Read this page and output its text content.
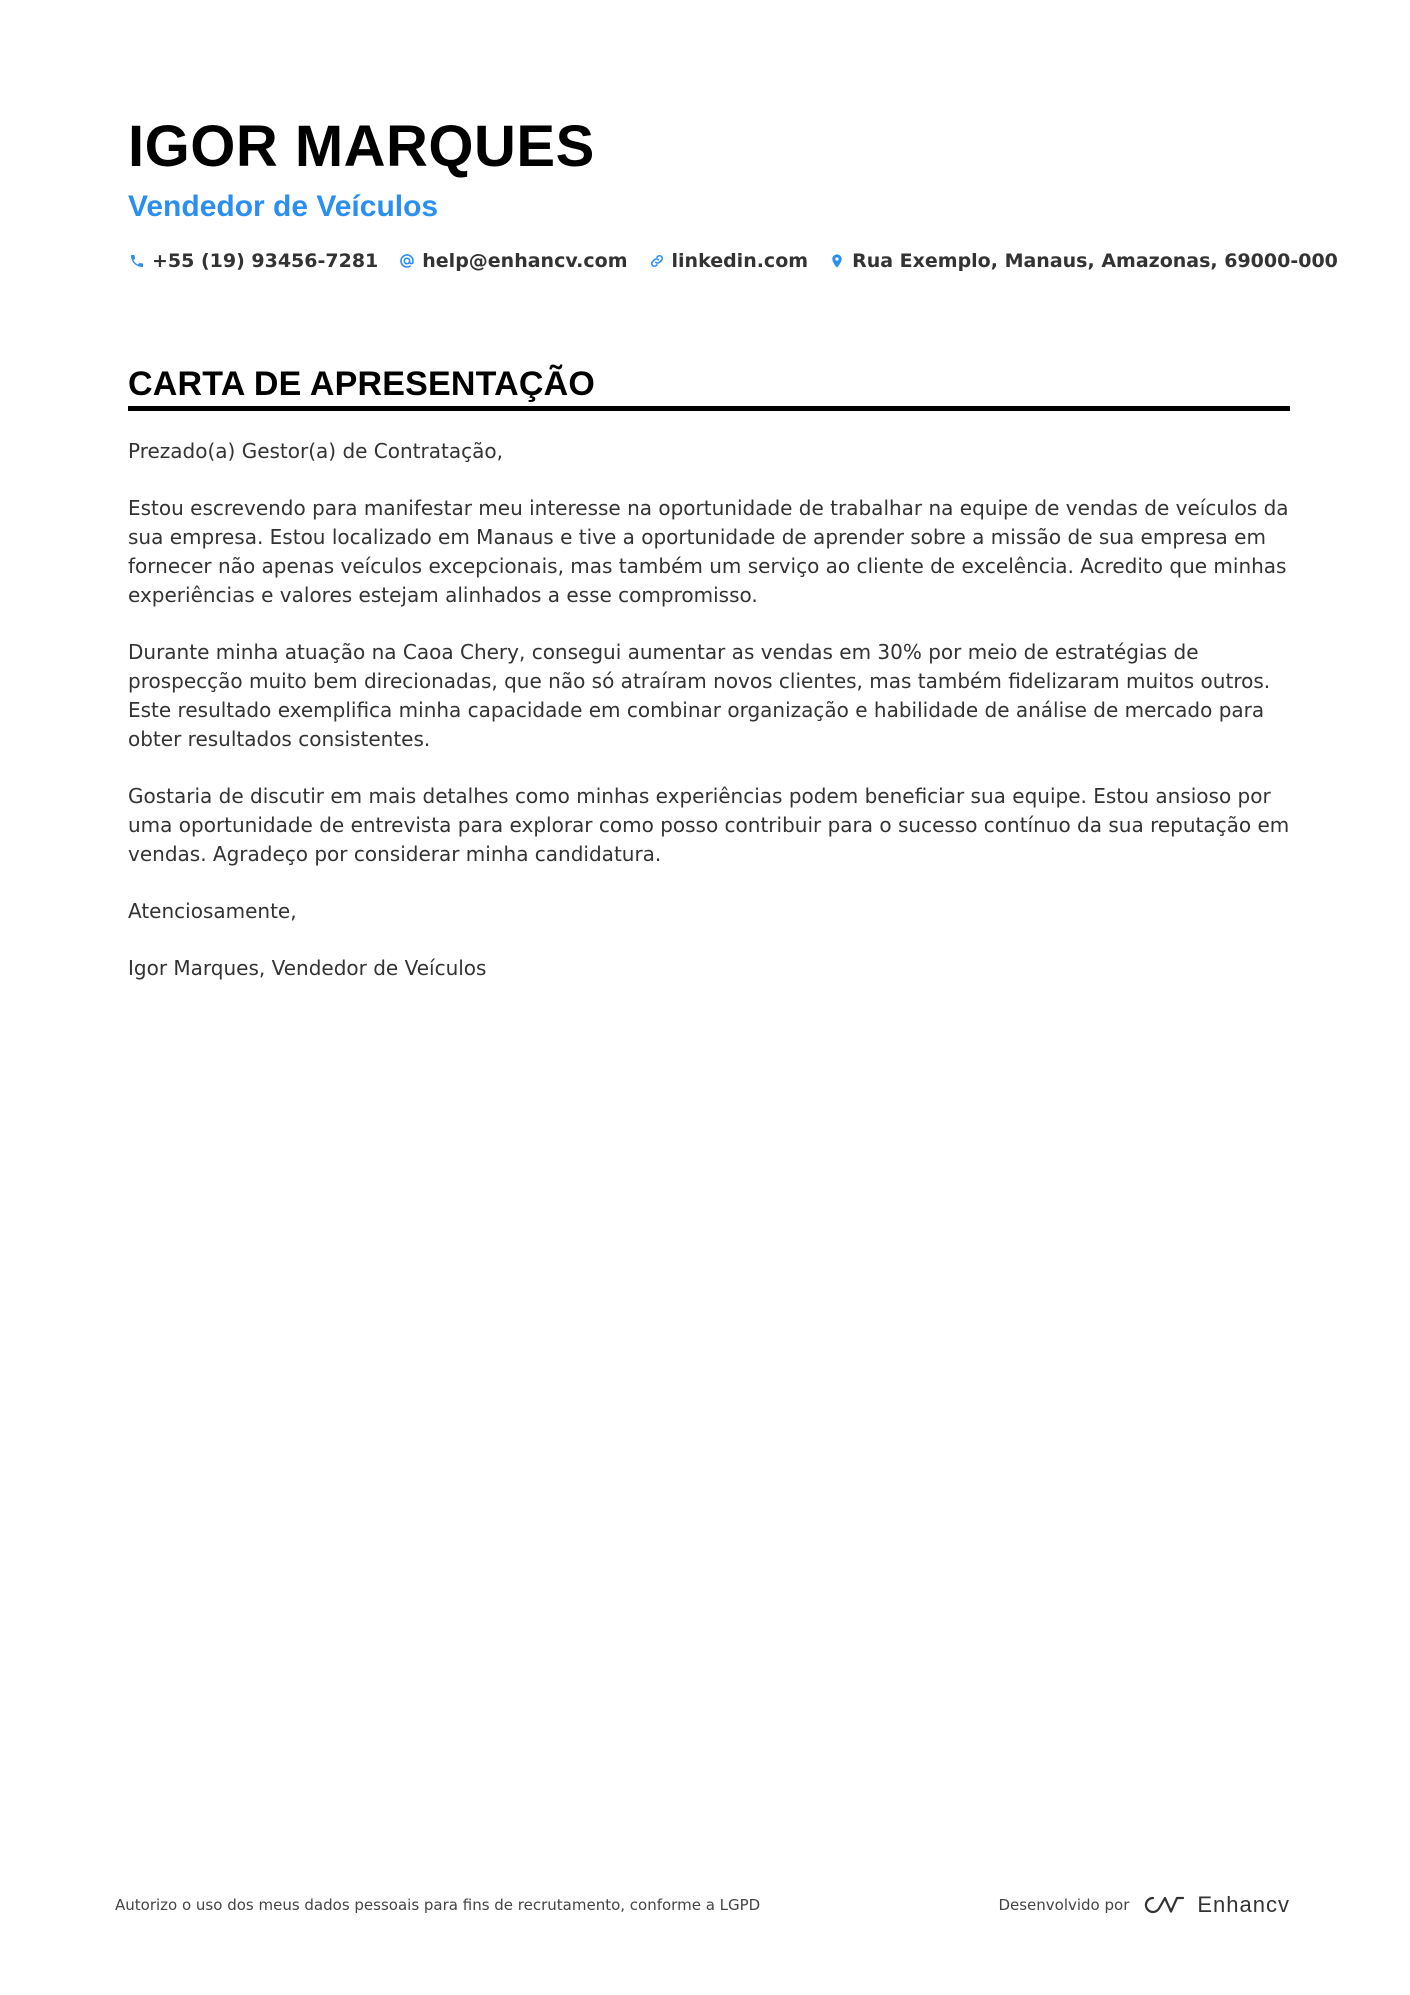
IGOR MARQUES
Vendedor de Veículos
+55 (19) 93456-7281 help@enhancv.com linkedin.com Rua Exemplo, Manaus, Amazonas, 69000-000
CARTA DE APRESENTAÇÃO

Prezado(a) Gestor(a) de Contratação,

Estou escrevendo para manifestar meu interesse na oportunidade de trabalhar na equipe de vendas de veículos da sua empresa. Estou localizado em Manaus e tive a oportunidade de aprender sobre a missão de sua empresa em fornecer não apenas veículos excepcionais, mas também um serviço ao cliente de excelência. Acredito que minhas experiências e valores estejam alinhados a esse compromisso.

Durante minha atuação na Caoa Chery, consegui aumentar as vendas em 30% por meio de estratégias de prospecção muito bem direcionadas, que não só atraíram novos clientes, mas também fidelizaram muitos outros. Este resultado exemplifica minha capacidade em combinar organização e habilidade de análise de mercado para obter resultados consistentes.

Gostaria de discutir em mais detalhes como minhas experiências podem beneficiar sua equipe. Estou ansioso por uma oportunidade de entrevista para explorar como posso contribuir para o sucesso contínuo da sua reputação em vendas. Agradeço por considerar minha candidatura.

Atenciosamente,

Igor Marques, Vendedor de Veículos

Autorizo o uso dos meus dados pessoais para fins de recrutamento, conforme a LGPD	Desenvolvido por	Enhancv
